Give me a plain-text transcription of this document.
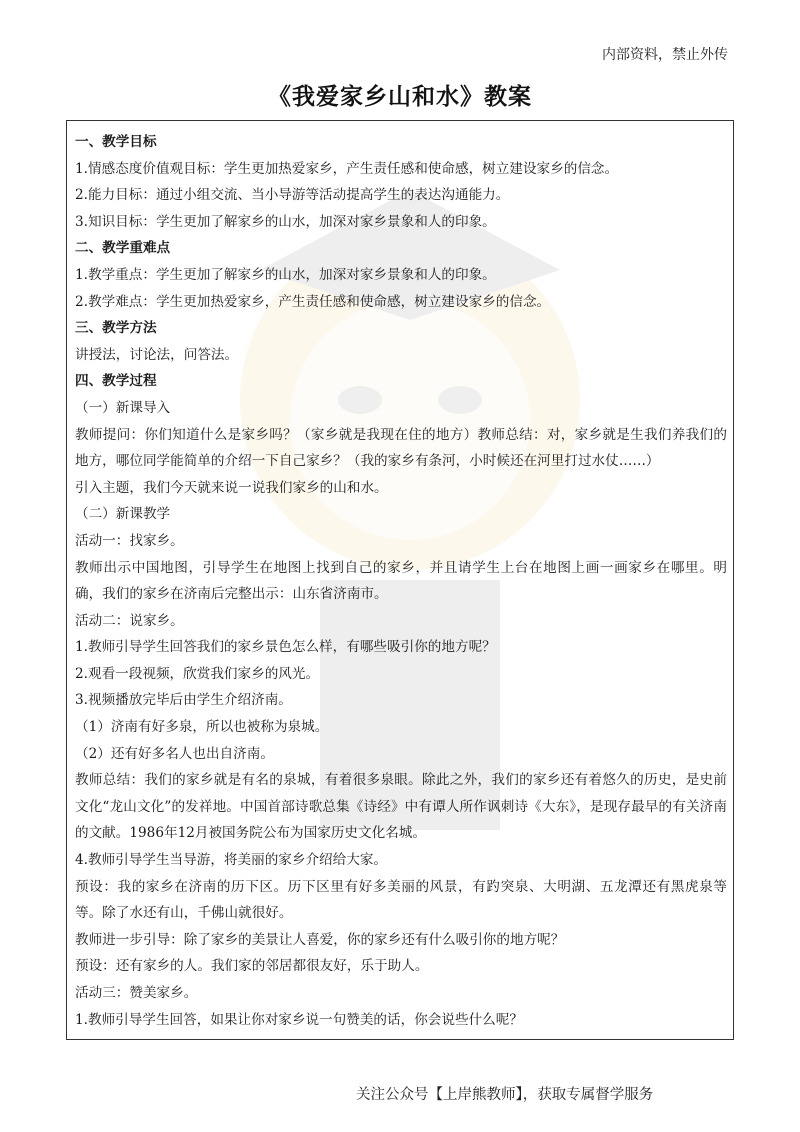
内部资料，禁止外传
《我爱家乡山和水》教案
一、教学目标
1.情感态度价值观目标：学生更加热爱家乡，产生责任感和使命感，树立建设家乡的信念。
2.能力目标：通过小组交流、当小导游等活动提高学生的表达沟通能力。
3.知识目标：学生更加了解家乡的山水，加深对家乡景象和人的印象。
二、教学重难点
1.教学重点：学生更加了解家乡的山水，加深对家乡景象和人的印象。
2.教学难点：学生更加热爱家乡，产生责任感和使命感，树立建设家乡的信念。
三、教学方法
讲授法，讨论法，问答法。
四、教学过程
（一）新课导入
教师提问：你们知道什么是家乡吗？（家乡就是我现在住的地方）教师总结：对，家乡就是生我们养我们的地方，哪位同学能简单的介绍一下自己家乡？（我的家乡有条河，小时候还在河里打过水仗……）
引入主题，我们今天就来说一说我们家乡的山和水。
（二）新课教学
活动一：找家乡。
教师出示中国地图，引导学生在地图上找到自己的家乡，并且请学生上台在地图上画一画家乡在哪里。明确，我们的家乡在济南后完整出示：山东省济南市。
活动二：说家乡。
1.教师引导学生回答我们的家乡景色怎么样，有哪些吸引你的地方呢？
2.观看一段视频，欣赏我们家乡的风光。
3.视频播放完毕后由学生介绍济南。
（1）济南有好多泉，所以也被称为泉城。
（2）还有好多名人也出自济南。
教师总结：我们的家乡就是有名的泉城，有着很多泉眼。除此之外，我们的家乡还有着悠久的历史，是史前文化“龙山文化”的发祥地。中国首部诗歌总集《诗经》中有谭人所作讽刺诗《大东》，是现存最早的有关济南的文献。1986年12月被国务院公布为国家历史文化名城。
4.教师引导学生当导游，将美丽的家乡介绍给大家。
预设：我的家乡在济南的历下区。历下区里有好多美丽的风景，有趵突泉、大明湖、五龙潭还有黑虎泉等等。除了水还有山，千佛山就很好。
教师进一步引导：除了家乡的美景让人喜爱，你的家乡还有什么吸引你的地方呢？
预设：还有家乡的人。我们家的邻居都很友好，乐于助人。
活动三：赞美家乡。
1.教师引导学生回答，如果让你对家乡说一句赞美的话，你会说些什么呢？
关注公众号【上岸熊教师】，获取专属督学服务
